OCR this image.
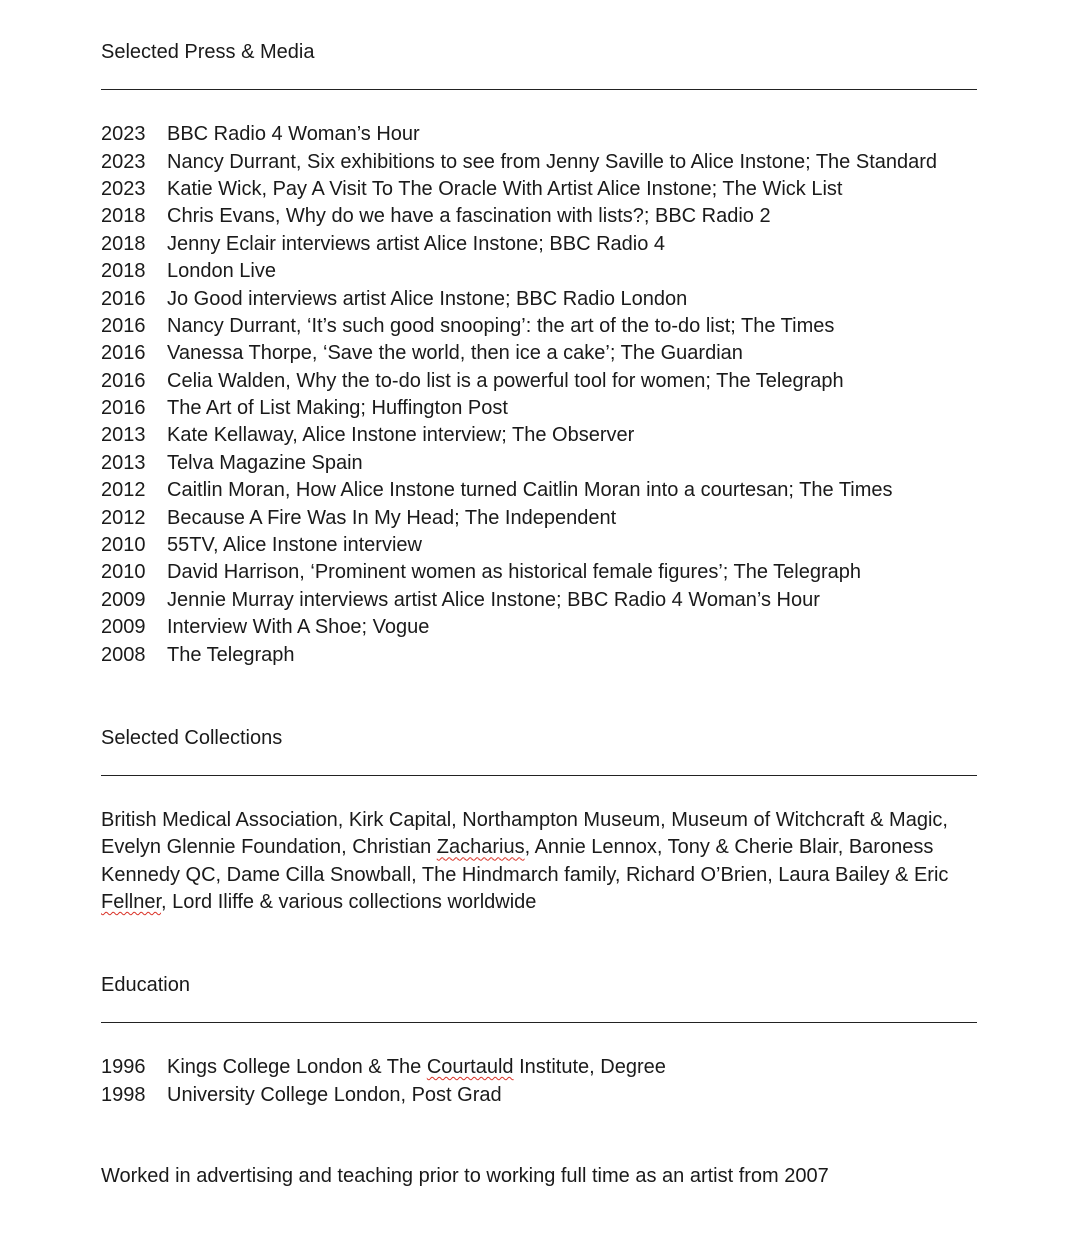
Selected Press & Media
2023	BBC Radio 4 Woman’s Hour
2023	Nancy Durrant, Six exhibitions to see from Jenny Saville to Alice Instone; The Standard
2023	Katie Wick, Pay A Visit To The Oracle With Artist Alice Instone; The Wick List
2018	Chris Evans, Why do we have a fascination with lists?; BBC Radio 2
2018	Jenny Eclair interviews artist Alice Instone; BBC Radio 4
2018	London Live
2016	Jo Good interviews artist Alice Instone; BBC Radio London
2016	Nancy Durrant, ‘It’s such good snooping’: the art of the to-do list; The Times
2016	Vanessa Thorpe, ‘Save the world, then ice a cake’; The Guardian
2016	Celia Walden, Why the to-do list is a powerful tool for women; The Telegraph
2016	The Art of List Making; Huffington Post
2013	Kate Kellaway, Alice Instone interview; The Observer
2013	Telva Magazine Spain
2012	Caitlin Moran, How Alice Instone turned Caitlin Moran into a courtesan; The Times
2012	Because A Fire Was In My Head; The Independent
2010	55TV, Alice Instone interview
2010	David Harrison, ‘Prominent women as historical female figures’; The Telegraph
2009	Jennie Murray interviews artist Alice Instone; BBC Radio 4 Woman’s Hour
2009	Interview With A Shoe; Vogue
2008	The Telegraph
Selected Collections

British Medical Association, Kirk Capital, Northampton Museum, Museum of Witchcraft & Magic, Evelyn Glennie Foundation, Christian Zacharius, Annie Lennox, Tony & Cherie Blair, Baroness Kennedy QC, Dame Cilla Snowball, The Hindmarch family, Richard O’Brien, Laura Bailey & Eric Fellner, Lord Iliffe & various collections worldwide

Education
1996	Kings College London & The Courtauld Institute, Degree
1998	University College London, Post Grad

Worked in advertising and teaching prior to working full time as an artist from 2007
